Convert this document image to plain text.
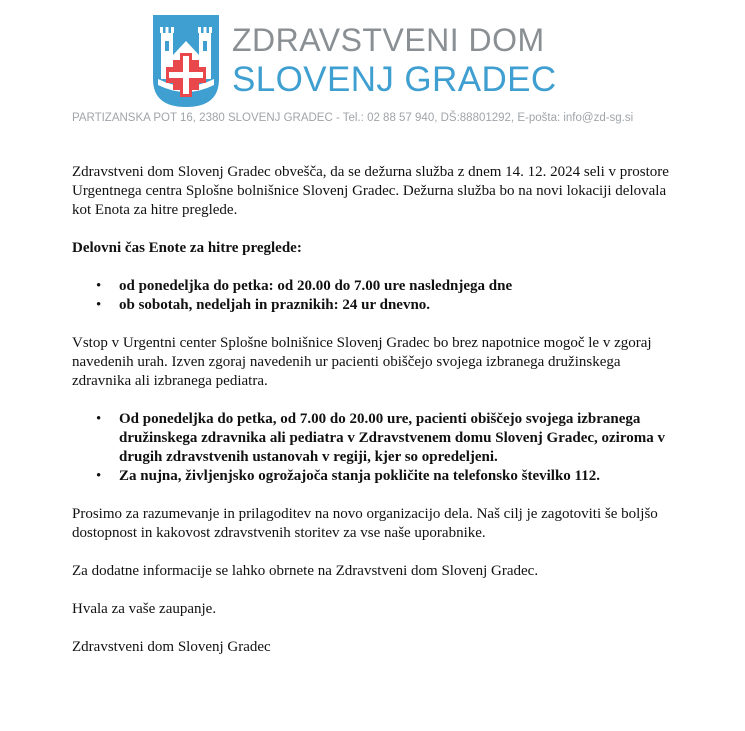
ZDRAVSTVENI DOM
SLOVENJ GRADEC
PARTIZANSKA POT 16, 2380 SLOVENJ GRADEC - Tel.: 02 88 57 940, DŠ:88801292, E-pošta: info@zd-sg.si

Zdravstveni dom Slovenj Gradec obvešča, da se dežurna služba z dnem 14. 12. 2024 seli v prostore Urgentnega centra Splošne bolnišnice Slovenj Gradec. Dežurna služba bo na novi lokaciji delovala kot Enota za hitre preglede.

Delovni čas Enote za hitre preglede:

• od ponedeljka do petka: od 20.00 do 7.00 ure naslednjega dne
• ob sobotah, nedeljah in praznikih: 24 ur dnevno.

Vstop v Urgentni center Splošne bolnišnice Slovenj Gradec bo brez napotnice mogoč le v zgoraj navedenih urah. Izven zgoraj navedenih ur pacienti obiščejo svojega izbranega družinskega zdravnika ali izbranega pediatra.

• Od ponedeljka do petka, od 7.00 do 20.00 ure, pacienti obiščejo svojega izbranega družinskega zdravnika ali pediatra v Zdravstvenem domu Slovenj Gradec, oziroma v drugih zdravstvenih ustanovah v regiji, kjer so opredeljeni.
• Za nujna, življenjsko ogrožajoča stanja pokličite na telefonsko številko 112.

Prosimo za razumevanje in prilagoditev na novo organizacijo dela. Naš cilj je zagotoviti še boljšo dostopnost in kakovost zdravstvenih storitev za vse naše uporabnike.

Za dodatne informacije se lahko obrnete na Zdravstveni dom Slovenj Gradec.

Hvala za vaše zaupanje.

Zdravstveni dom Slovenj Gradec
